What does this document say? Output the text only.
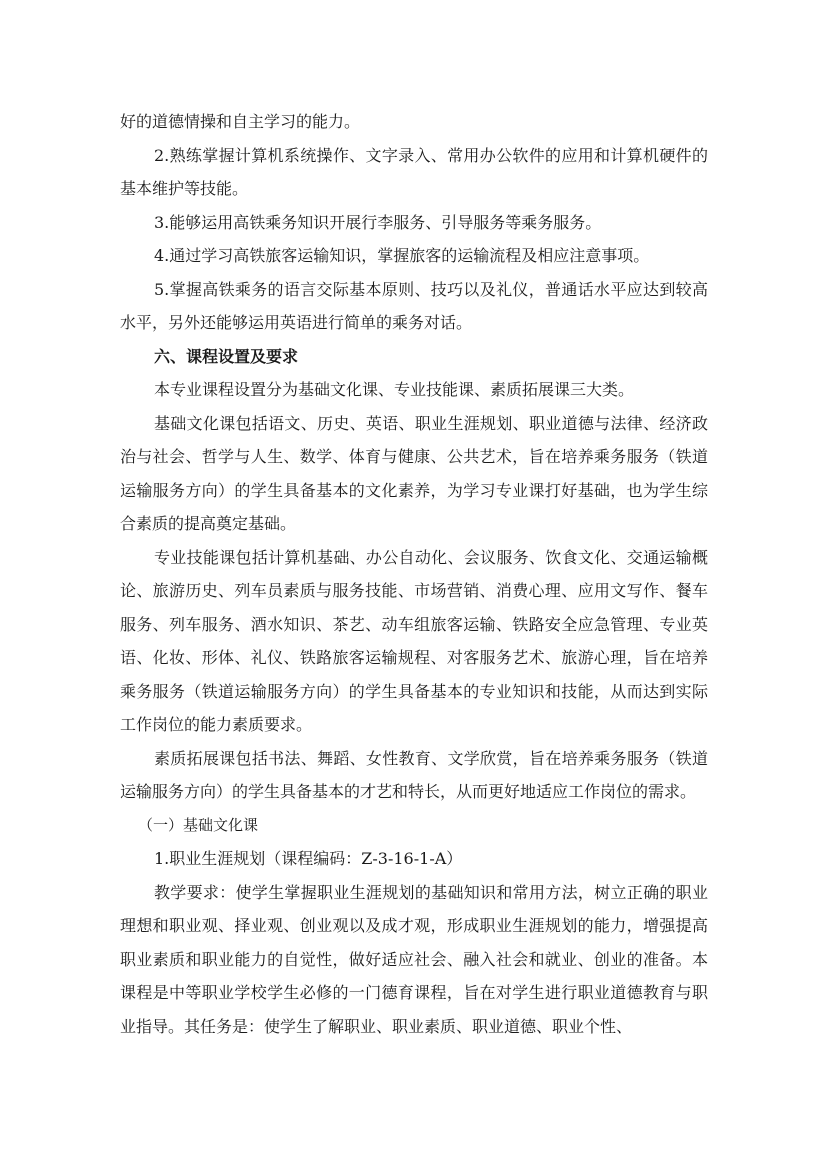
好的道德情操和自主学习的能力。

2.熟练掌握计算机系统操作、文字录入、常用办公软件的应用和计算机硬件的基本维护等技能。

3.能够运用高铁乘务知识开展行李服务、引导服务等乘务服务。

4.通过学习高铁旅客运输知识，掌握旅客的运输流程及相应注意事项。

5.掌握高铁乘务的语言交际基本原则、技巧以及礼仪，普通话水平应达到较高水平，另外还能够运用英语进行简单的乘务对话。

六、课程设置及要求

本专业课程设置分为基础文化课、专业技能课、素质拓展课三大类。

基础文化课包括语文、历史、英语、职业生涯规划、职业道德与法律、经济政治与社会、哲学与人生、数学、体育与健康、公共艺术，旨在培养乘务服务（铁道运输服务方向）的学生具备基本的文化素养，为学习专业课打好基础，也为学生综合素质的提高奠定基础。

专业技能课包括计算机基础、办公自动化、会议服务、饮食文化、交通运输概论、旅游历史、列车员素质与服务技能、市场营销、消费心理、应用文写作、餐车服务、列车服务、酒水知识、茶艺、动车组旅客运输、铁路安全应急管理、专业英语、化妆、形体、礼仪、铁路旅客运输规程、对客服务艺术、旅游心理，旨在培养乘务服务（铁道运输服务方向）的学生具备基本的专业知识和技能，从而达到实际工作岗位的能力素质要求。

素质拓展课包括书法、舞蹈、女性教育、文学欣赏，旨在培养乘务服务（铁道运输服务方向）的学生具备基本的才艺和特长，从而更好地适应工作岗位的需求。

（一）基础文化课

1.职业生涯规划（课程编码：Z-3-16-1-A）

教学要求：使学生掌握职业生涯规划的基础知识和常用方法，树立正确的职业理想和职业观、择业观、创业观以及成才观，形成职业生涯规划的能力，增强提高职业素质和职业能力的自觉性，做好适应社会、融入社会和就业、创业的准备。本课程是中等职业学校学生必修的一门德育课程，旨在对学生进行职业道德教育与职业指导。其任务是：使学生了解职业、职业素质、职业道德、职业个性、
